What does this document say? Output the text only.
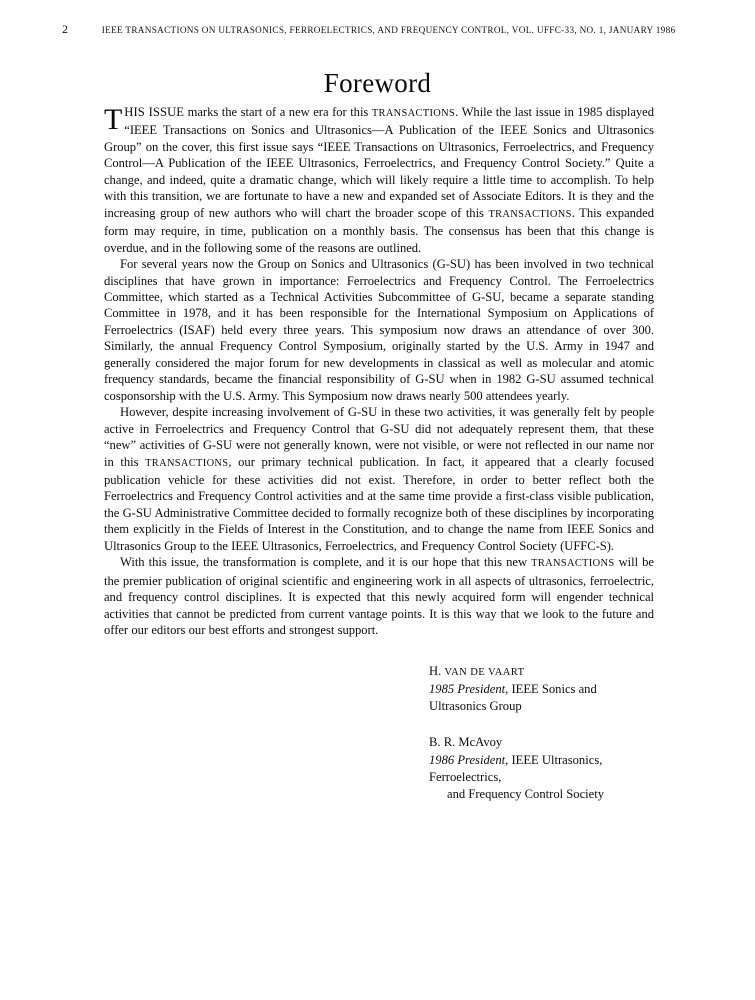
2	IEEE TRANSACTIONS ON ULTRASONICS, FERROELECTRICS, AND FREQUENCY CONTROL, VOL. UFFC-33, NO. 1, JANUARY 1986
Foreword

THIS ISSUE marks the start of a new era for this TRANSACTIONS. While the last issue in 1985 displayed “IEEE Transactions on Sonics and Ultrasonics—A Publication of the IEEE Sonics and Ultrasonics Group” on the cover, this first issue says “IEEE Transactions on Ultrasonics, Ferroelectrics, and Frequency Control—A Publication of the IEEE Ultrasonics, Ferroelectrics, and Frequency Control Society.” Quite a change, and indeed, quite a dramatic change, which will likely require a little time to accomplish. To help with this transition, we are fortunate to have a new and expanded set of Associate Editors. It is they and the increasing group of new authors who will chart the broader scope of this TRANSACTIONS. This expanded form may require, in time, publication on a monthly basis. The consensus has been that this change is overdue, and in the following some of the reasons are outlined.

For several years now the Group on Sonics and Ultrasonics (G-SU) has been involved in two technical disciplines that have grown in importance: Ferroelectrics and Frequency Control. The Ferroelectrics Committee, which started as a Technical Activities Subcommittee of G-SU, became a separate standing Committee in 1978, and it has been responsible for the International Symposium on Applications of Ferroelectrics (ISAF) held every three years. This symposium now draws an attendance of over 300. Similarly, the annual Frequency Control Symposium, originally started by the U.S. Army in 1947 and generally considered the major forum for new developments in classical as well as molecular and atomic frequency standards, became the financial responsibility of G-SU when in 1982 G-SU assumed technical cosponsorship with the U.S. Army. This Symposium now draws nearly 500 attendees yearly.

However, despite increasing involvement of G-SU in these two activities, it was generally felt by people active in Ferroelectrics and Frequency Control that G-SU did not adequately represent them, that these “new” activities of G-SU were not generally known, were not visible, or were not reflected in our name nor in this TRANSACTIONS, our primary technical publication. In fact, it appeared that a clearly focused publication vehicle for these activities did not exist. Therefore, in order to better reflect both the Ferroelectrics and Frequency Control activities and at the same time provide a first-class visible publication, the G-SU Administrative Committee decided to formally recognize both of these disciplines by incorporating them explicitly in the Fields of Interest in the Constitution, and to change the name from IEEE Sonics and Ultrasonics Group to the IEEE Ultrasonics, Ferroelectrics, and Frequency Control Society (UFFC-S).

With this issue, the transformation is complete, and it is our hope that this new TRANSACTIONS will be the premier publication of original scientific and engineering work in all aspects of ultrasonics, ferroelectric, and frequency control disciplines. It is expected that this newly acquired form will engender technical activities that cannot be predicted from current vantage points. It is this way that we look to the future and offer our editors our best efforts and strongest support.

H. VAN DE VAART
1985 President, IEEE Sonics and Ultrasonics Group
B. R. McAvoy
1986 President, IEEE Ultrasonics, Ferroelectrics,
and Frequency Control Society
